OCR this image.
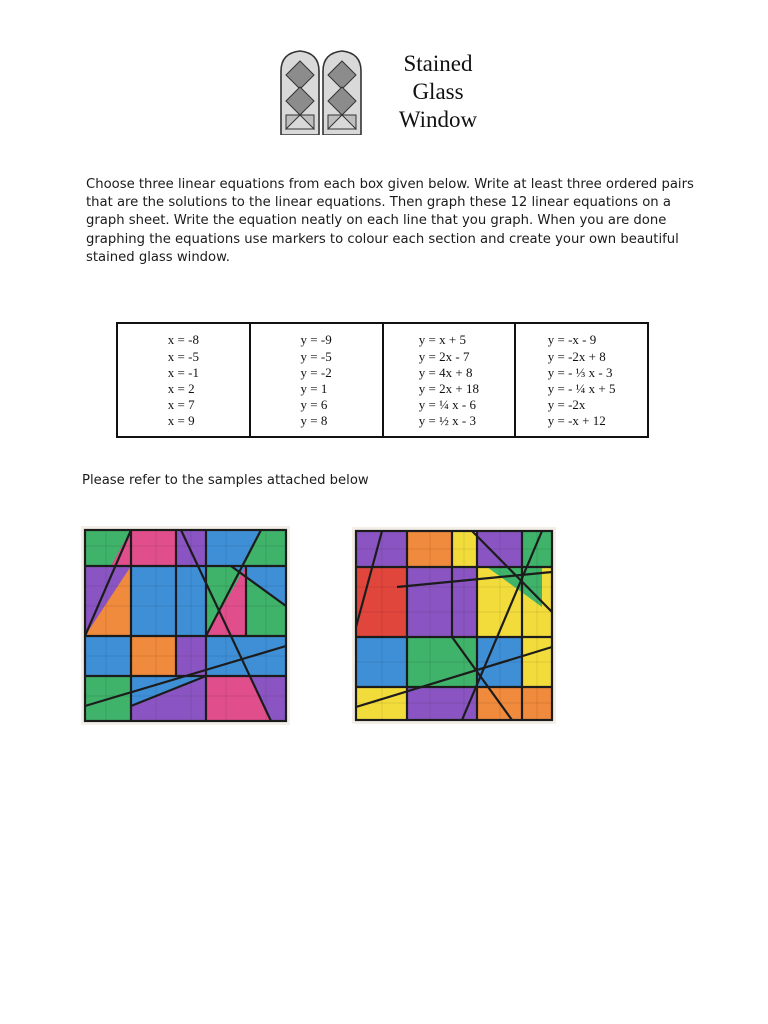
Stained
Glass
Window

Choose three linear equations from each box given below. Write at least three ordered pairs that are the solutions to the linear equations. Then graph these 12 linear equations on a graph sheet. Write the equation neatly on each line that you graph. When you are done graphing the equations use markers to colour each section and create your own beautiful stained glass window.

x = -8
x = -5
x = -1
x = 2
x = 7
x = 9
y = -9
y = -5
y = -2
y = 1
y = 6
y = 8
y = x + 5
y = 2x - 7
y = 4x + 8
y = 2x + 18
y = ¼ x - 6
y = ½ x - 3
y = -x - 9
y = -2x + 8
y = - ⅓ x - 3
y = - ¼ x + 5
y = -2x
y = -x + 12

Please refer to the samples attached below
